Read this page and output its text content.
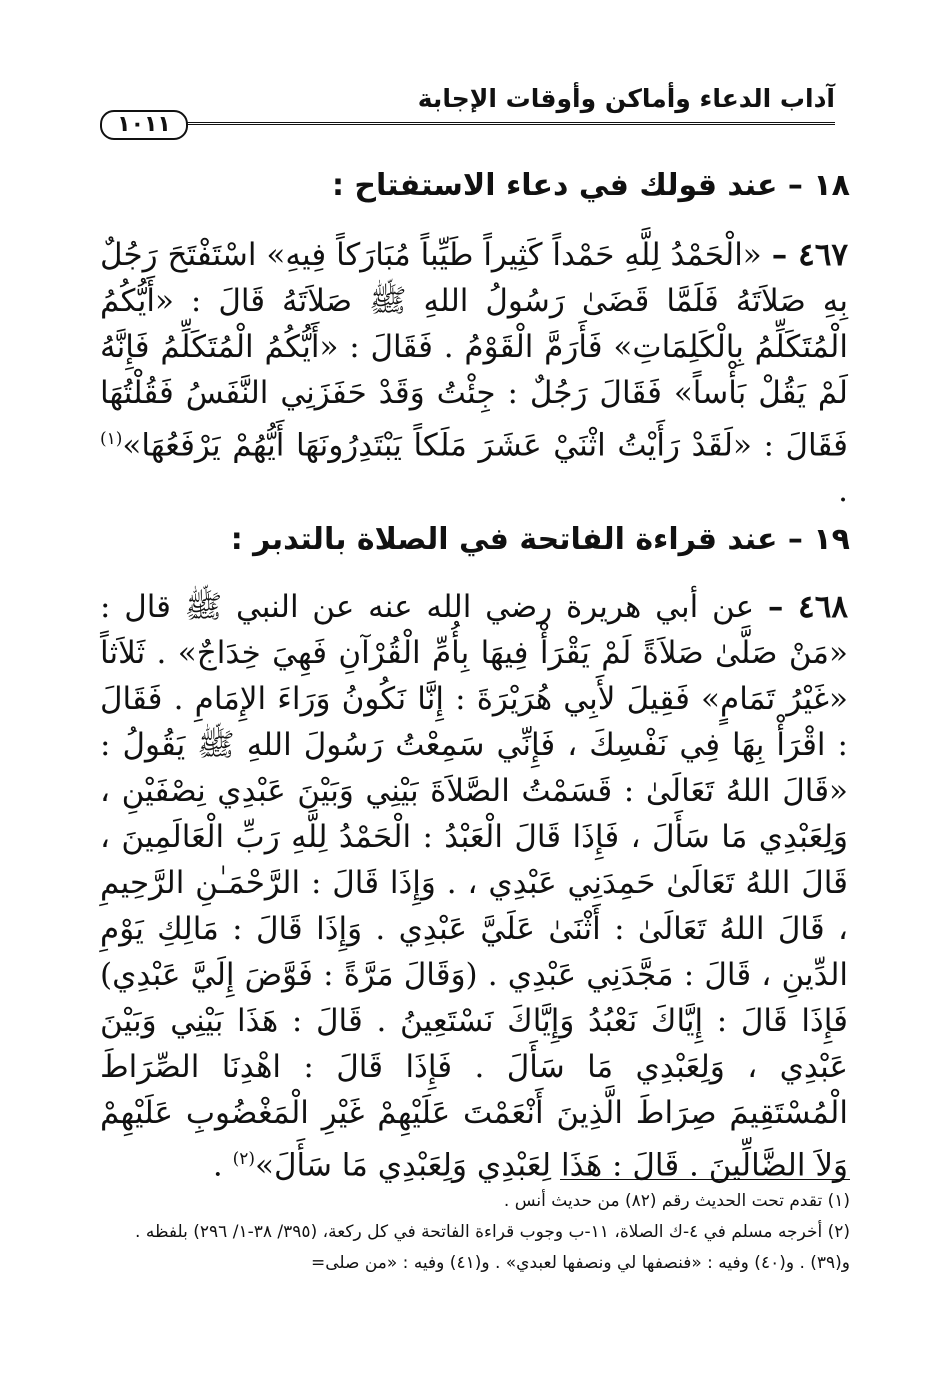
آداب الدعاء وأماكن وأوقات الإجابة
١٠١١
١٨ – عند قولك في دعاء الاستفتاح :
٤٦٧ – «الْحَمْدُ لِلَّهِ حَمْداً كَثِيراً طَيِّباً مُبَارَكاً فِيهِ» اسْتَفْتَحَ رَجُلٌ بِهِ صَلاَتَهُ فَلَمَّا قَضَىٰ رَسُولُ اللهِ ﷺ صَلاَتَهُ قَالَ : «أَيُّكُمُ الْمُتَكَلِّمُ بِالْكَلِمَاتِ» فَأَرَمَّ الْقَوْمُ . فَقَالَ : «أَيُّكُمُ الْمُتَكَلِّمُ فَإِنَّهُ لَمْ يَقُلْ بَأْساً» فَقَالَ رَجُلٌ : جِئْتُ وَقَدْ حَفَزَنِي النَّفَسُ فَقُلْتُهَا فَقَالَ : «لَقَدْ رَأَيْتُ اثْنَيْ عَشَرَ مَلَكاً يَبْتَدِرُونَهَا أَيُّهُمْ يَرْفَعُهَا»$^{(١)}$ .
١٩ – عند قراءة الفاتحة في الصلاة بالتدبر :
٤٦٨ – عن أبي هريرة رضي الله عنه عن النبي ﷺ قال : «مَنْ صَلَّىٰ صَلاَةً لَمْ يَقْرَأْ فِيهَا بِأُمِّ الْقُرْآنِ فَهِيَ خِدَاجٌ» . ثَلاَثاً «غَيْرُ تَمَامٍ» فَقِيلَ لأَبِي هُرَيْرَةَ : إِنَّا نَكُونُ وَرَاءَ الإِمَامِ . فَقَالَ : اقْرَأْ بِهَا فِي نَفْسِكَ ، فَإِنِّي سَمِعْتُ رَسُولَ اللهِ ﷺ يَقُولُ : «قَالَ اللهُ تَعَالَىٰ : قَسَمْتُ الصَّلاَةَ بَيْنِي وَبَيْنَ عَبْدِي نِصْفَيْنِ ، وَلِعَبْدِي مَا سَأَلَ ، فَإِذَا قَالَ الْعَبْدُ : الْحَمْدُ لِلَّهِ رَبِّ الْعَالَمِينَ ، قَالَ اللهُ تَعَالَىٰ حَمِدَنِي عَبْدِي ، . وَإِذَا قَالَ : الرَّحْمَـٰنِ الرَّحِيمِ ، قَالَ اللهُ تَعَالَىٰ : أَثْنَىٰ عَلَيَّ عَبْدِي . وَإِذَا قَالَ : مَالِكِ يَوْمِ الدِّينِ ، قَالَ : مَجَّدَنِي عَبْدِي . (وَقَالَ مَرَّةً : فَوَّضَ إِلَيَّ عَبْدِي) فَإِذَا قَالَ : إِيَّاكَ نَعْبُدُ وَإِيَّاكَ نَسْتَعِينُ . قَالَ : هَذَا بَيْنِي وَبَيْنَ عَبْدِي ، وَلِعَبْدِي مَا سَأَلَ . فَإِذَا قَالَ : اهْدِنَا الصِّرَاطَ الْمُسْتَقِيمَ صِرَاطَ الَّذِينَ أَنْعَمْتَ عَلَيْهِمْ غَيْرِ الْمَغْضُوبِ عَلَيْهِمْ وَلاَ الضَّالِّينَ . قَالَ : هَذَا لِعَبْدِي وَلِعَبْدِي مَا سَأَلَ»$^{(٢)}$ .

(١) تقدم تحت الحديث رقم (٨٢) من حديث أنس .

(٢) أخرجه مسلم في ٤-ك الصلاة، ١١-ب وجوب قراءة الفاتحة في كل ركعة، (٣٩٥/ ٣٨-١/ ٢٩٦) بلفظه . و(٣٩) . و(٤٠) وفيه : «فنصفها لي ونصفها لعبدي» . و(٤١) وفيه : «من صلى=
